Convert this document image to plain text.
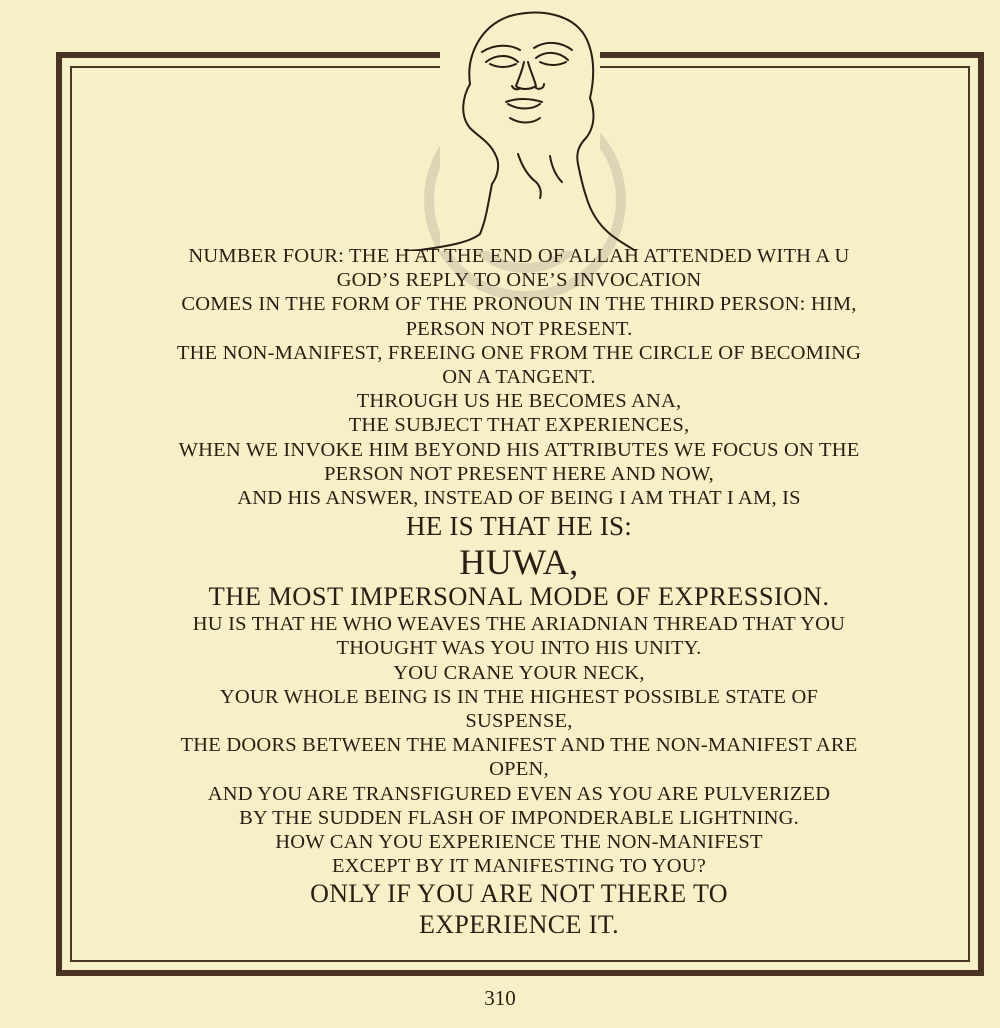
NUMBER FOUR: THE H AT THE END OF ALLAH ATTENDED WITH A U
GOD’S REPLY TO ONE’S INVOCATION
COMES IN THE FORM OF THE PRONOUN IN THE THIRD PERSON: HIM,
PERSON NOT PRESENT.
THE NON-MANIFEST, FREEING ONE FROM THE CIRCLE OF BECOMING
ON A TANGENT.
THROUGH US HE BECOMES ANA,
THE SUBJECT THAT EXPERIENCES,
WHEN WE INVOKE HIM BEYOND HIS ATTRIBUTES WE FOCUS ON THE
PERSON NOT PRESENT HERE AND NOW,
AND HIS ANSWER, INSTEAD OF BEING I AM THAT I AM, IS
HE IS THAT HE IS:
HUWA,
THE MOST IMPERSONAL MODE OF EXPRESSION.
HU IS THAT HE WHO WEAVES THE ARIADNIAN THREAD THAT YOU
THOUGHT WAS YOU INTO HIS UNITY.
YOU CRANE YOUR NECK,
YOUR WHOLE BEING IS IN THE HIGHEST POSSIBLE STATE OF
SUSPENSE,
THE DOORS BETWEEN THE MANIFEST AND THE NON-MANIFEST ARE
OPEN,
AND YOU ARE TRANSFIGURED EVEN AS YOU ARE PULVERIZED
BY THE SUDDEN FLASH OF IMPONDERABLE LIGHTNING.
HOW CAN YOU EXPERIENCE THE NON-MANIFEST
EXCEPT BY IT MANIFESTING TO YOU?
ONLY IF YOU ARE NOT THERE TO
EXPERIENCE IT.
310
